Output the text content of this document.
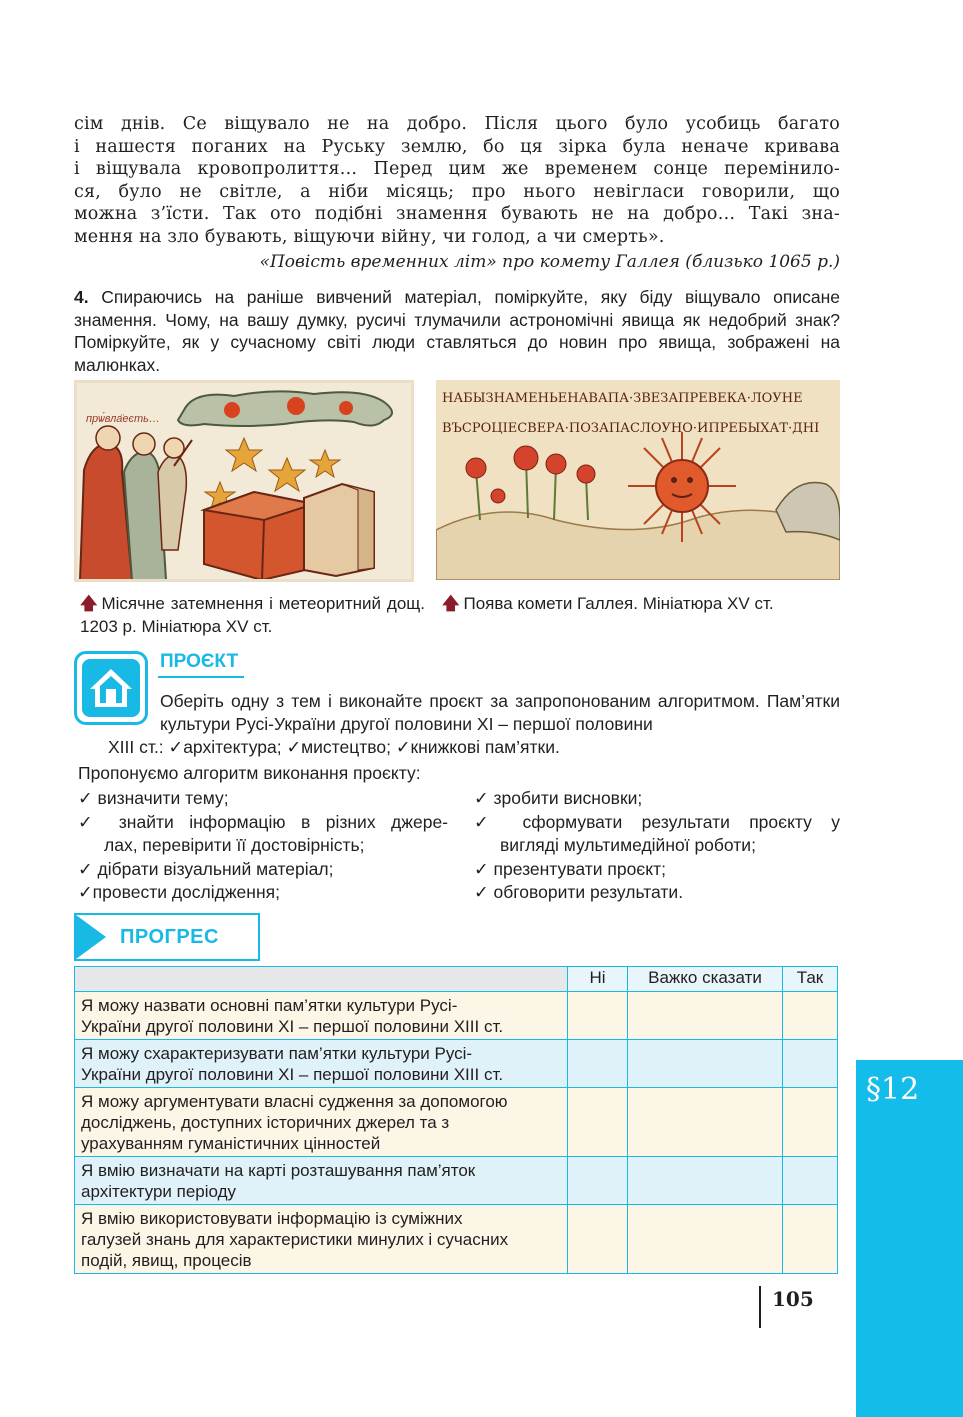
сім днів. Се віщувало не на добро. Після цього було усобиць багато

і нашестя поганих на Руську землю, бо ця зірка була неначе кривава

і віщувала кровопролиття… Перед цим же временем сонце перемінило-

ся, було не світле, а ніби місяць; про нього невігласи говорили, що

можна з’їсти. Так ото подібні знамення бувають не на добро… Такі зна-

мення на зло бувають, віщуючи війну, чи голод, а чи смерть».

«Повість временних літ» про комету Галлея (близько 1065 р.)
4. Спираючись на раніше вивчений матеріал, поміркуйте, яку біду віщувало описане знамення. Чому, на вашу думку, русичі тлумачили астрономічні явища як недобрий знак? Поміркуйте, як у сучасному світі люди ставляться до новин про явища, зображені на малюнках.
прѡ́вла͏̈еєть…
НАБЫЗНАМЕНЬЕНАВАПА·ЗВЕЗАПРЕВЕКА·ЛОУНЕ
ВЪСРОЦІЕСВЕРА·ПОЗАПАСЛОУНО·ИПРЕБЫХАТ·ДНІ
🡅 Місячне затемнення і метеоритний дощ. 1203 р. Мініатюра XV ст.
🡅 Поява комети Галлея. Мініатюра XV ст.
ПРОЄКТ
Оберіть одну з тем і виконайте проєкт за запропонованим алгоритмом. Пам’ятки культури Русі-України другої половини XI – першої половини
XIII ст.: ✓архітектура; ✓мистецтво; ✓книжкові пам’ятки.
Пропонуємо алгоритм виконання проєкту:
✓ визначити тему;
✓ знайти інформацію в різних джере-
лах, перевірити її достовірність;
✓ дібрати візуальний матеріал;
✓провести дослідження;
✓ зробити висновки;
✓ сформувати результати проєкту у
вигляді мультимедійної роботи;
✓ презентувати проєкт;
✓ обговорити результати.
ПРОГРЕС
	Ні	Важко сказати	Так

Я можу назвати основні пам’ятки культури Русі-
України другої половини XI – першої половини XIII ст.			

Я можу схарактеризувати пам’ятки культури Русі-
України другої половини XI – першої половини XIII ст.			

Я можу аргументувати власні судження за допомогою
досліджень, доступних історичних джерел та з
урахуванням гуманістичних цінностей			

Я вмію визначати на карті розташування пам’яток
архітектури періоду			

Я вмію використовувати інформацію із суміжних
галузей знань для характеристики минулих і сучасних
подій, явищ, процесів			

§12
105
